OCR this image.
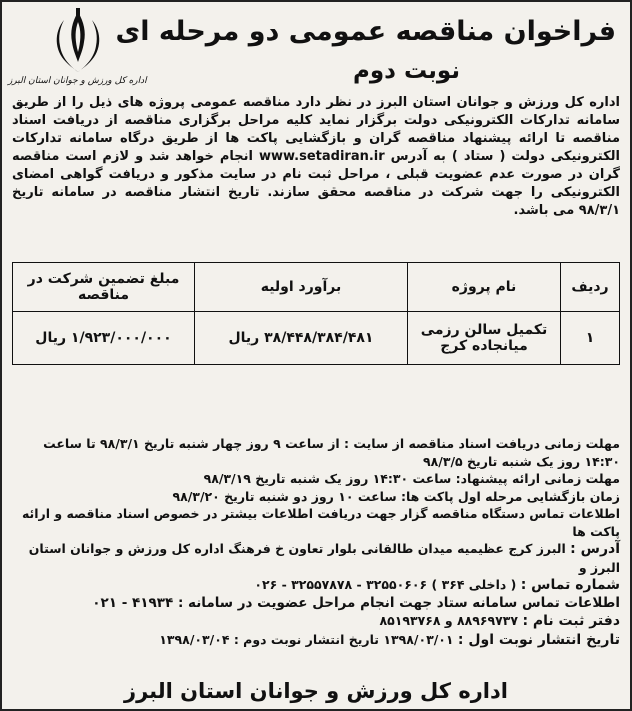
فراخوان مناقصه عمومی دو مرحله ای
نوبت دوم
اداره کل ورزش و جوانان استان البرز
اداره کل ورزش و جوانان استان البرز در نظر دارد مناقصه عمومی پروژه های ذیل را از طریق سامانه تدارکات الکترونیکی دولت برگزار نماید کلیه مراحل برگزاری مناقصه از دریافت اسناد مناقصه تا ارائه پیشنهاد مناقصه گران و بازگشایی پاکت ها از طریق درگاه سامانه تدارکات الکترونیکی دولت ( ستاد ) به آدرس www.setadiran.ir انجام خواهد شد و لازم است مناقصه گران در صورت عدم عضویت قبلی ، مراحل ثبت نام در سایت مذکور و دریافت گواهی امضای الکترونیکی را جهت شرکت در مناقصه محقق سازند. تاریخ انتشار مناقصه در سامانه تاریخ ۹۸/۳/۱ می باشد.
ردیف	نام پروژه	برآورد اولیه	مبلغ تضمین شرکت در مناقصه
۱	تکمیل سالن رزمی میانجاده کرج	۳۸/۴۴۸/۳۸۴/۴۸۱ ریال	۱/۹۲۳/۰۰۰/۰۰۰ ریال
مهلت زمانی دریافت اسناد مناقصه از سایت : از ساعت ۹ روز چهار شنبه تاریخ ۹۸/۳/۱ تا ساعت ۱۴:۳۰ روز یک شنبه تاریخ ۹۸/۳/۵
مهلت زمانی ارائه پیشنهاد: ساعت ۱۴:۳۰ روز یک شنبه تاریخ ۹۸/۳/۱۹
زمان بازگشایی مرحله اول پاکت ها: ساعت ۱۰ روز دو شنبه تاریخ ۹۸/۳/۲۰
اطلاعات تماس دستگاه مناقصه گزار جهت دریافت اطلاعات بیشتر در خصوص اسناد مناقصه و ارائه پاکت ها
آدرس : البرز کرج عظیمیه میدان طالقانی بلوار تعاون خ فرهنگ اداره کل ورزش و جوانان استان البرز و
شماره تماس : ( داخلی ۳۶۴ ) ۳۲۵۵۰۶۰۶ - ۳۲۵۵۷۸۷۸ - ۰۲۶
اطلاعات تماس سامانه ستاد جهت انجام مراحل عضویت در سامانه : ۴۱۹۳۴ - ۰۲۱
دفتر ثبت نام : ۸۸۹۶۹۷۳۷ و ۸۵۱۹۳۷۶۸
تاریخ انتشار نوبت اول : ۱۳۹۸/۰۳/۰۱ تاریخ انتشار نوبت دوم : ۱۳۹۸/۰۳/۰۴
اداره کل ورزش و جوانان استان البرز
